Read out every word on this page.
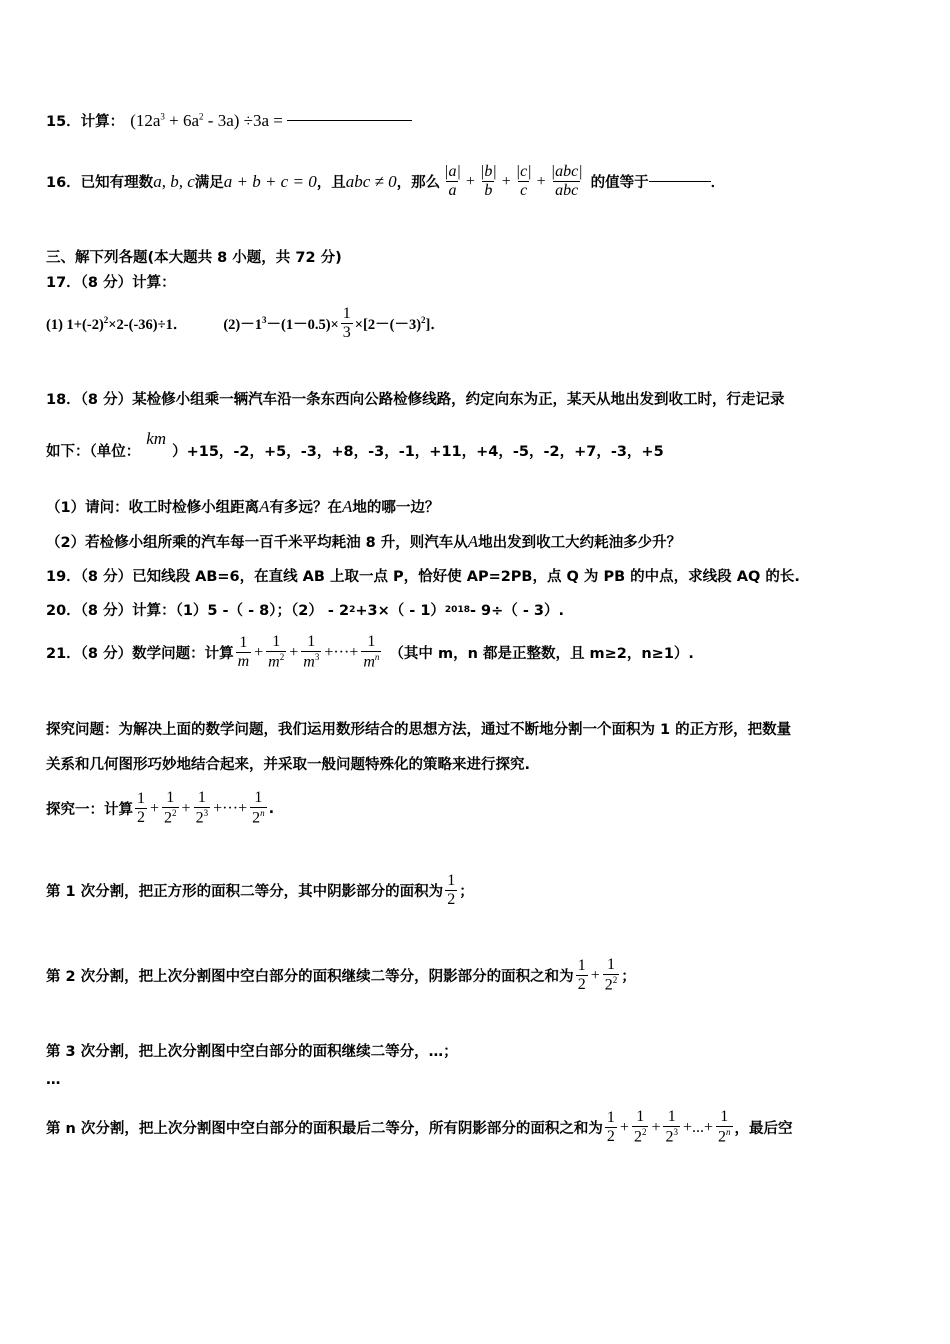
15．计算： $(12a^3 + 6a^2 - 3a) \div 3a$ =
16．已知有理数 a, b, c 满足 a + b + c = 0 ，且 abc ≠ 0 ，那么 $\frac{|a|}{a} + \frac{|b|}{b} + \frac{|c|}{c} + \frac{\text{|abc|}}{\text{abc}}$ 的值等于	．
三、解下列各题(本大题共 8 小题，共 72 分)
17．（8 分）计算：
(1) $1+(-2)^2\times 2-(-36)\div 1$． $(2)-1^3-(1-0.5)\times \frac{1}{3} \times[2-(-3)^2]$．
18．（8 分）某检修小组乘一辆汽车沿一条东西向公路检修线路，约定向东为正，某天从地出发到收工时，行走记录
如下：（单位：
km
）+15，-2，+5，-3，+8，-3，-1，+11，+4，-5，-2，+7，-3，+5
（1）请问：收工时检修小组距离 A 有多远？在 A 地的哪一边？
（2）若检修小组所乘的汽车每一百千米平均耗油 8 升，则汽车从 A 地出发到收工大约耗油多少升？
19．（8 分）已知线段 AB=6，在直线 AB 上取一点 P，恰好使 AP=2PB，点 Q 为 PB 的中点，求线段 AQ 的长.
20．（8 分）计算：（1）5 -（ - 8）；（2） - 2 2 +3×（ - 1） 2018 - 9÷（ - 3）.
21．（8 分）数学问题：计算 $\frac{1}{m} + \frac{1}{m^2} + \frac{1}{m^3}$ +···+ $\frac{1}{m^n}$ （其中 m，n 都是正整数，且 m≥2，n≥1）.
探究问题：为解决上面的数学问题，我们运用数形结合的思想方法，通过不断地分割一个面积为 1 的正方形，把数量
关系和几何图形巧妙地结合起来，并采取一般问题特殊化的策略来进行探究.
探究一：计算 $\frac{1}{2} + \frac{1}{2^2} + \frac{1}{2^3}$ +···+ $\frac{1}{2^n}$ .
第 1 次分割，把正方形的面积二等分，其中阴影部分的面积为 $\frac{1}{2}$ ；
第 2 次分割，把上次分割图中空白部分的面积继续二等分，阴影部分的面积之和为 $\frac{1}{2} + \frac{1}{2^2}$ ；
第 3 次分割，把上次分割图中空白部分的面积继续二等分，…；
…
第 n 次分割，把上次分割图中空白部分的面积最后二等分，所有阴影部分的面积之和为 $\frac{1}{2} + \frac{1}{2^2} + \frac{1}{2^3}$ +...+ $\frac{1}{2^n}$ ，最后空
